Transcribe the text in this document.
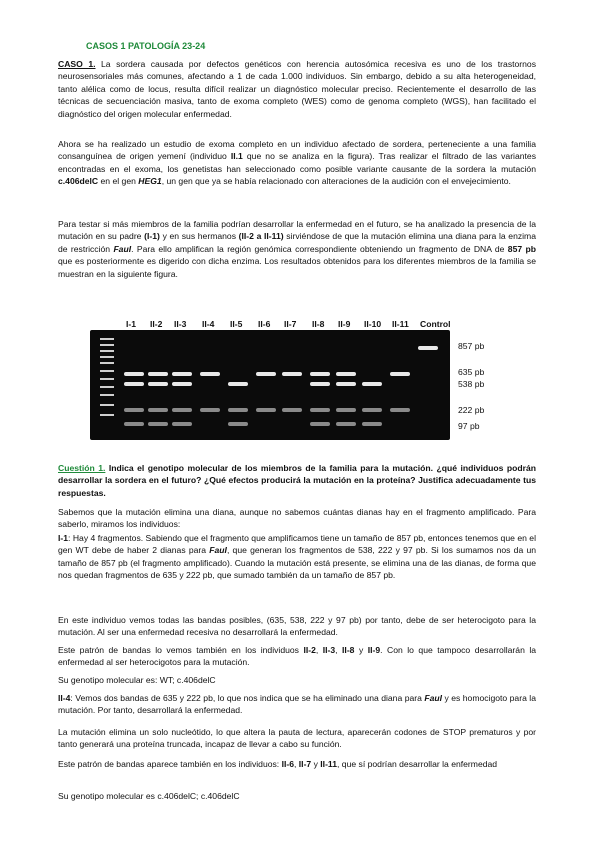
CASOS 1 PATOLOGÍA 23-24
CASO 1. La sordera causada por defectos genéticos con herencia autosómica recesiva es uno de los trastornos neurosensoriales más comunes, afectando a 1 de cada 1.000 individuos. Sin embargo, debido a su alta heterogeneidad, tanto alélica como de locus, resulta difícil realizar un diagnóstico molecular preciso. Recientemente el desarrollo de las técnicas de secuenciación masiva, tanto de exoma completo (WES) como de genoma completo (WGS), han facilitado el diagnóstico del origen molecular enfermedad.
Ahora se ha realizado un estudio de exoma completo en un individuo afectado de sordera, perteneciente a una familia consanguínea de origen yemení (individuo II.1 que no se analiza en la figura). Tras realizar el filtrado de las variantes encontradas en el exoma, los genetistas han seleccionado como posible variante causante de la sordera la mutación c.406delC en el gen HEG1, un gen que ya se había relacionado con alteraciones de la audición con el envejecimiento.
Para testar si más miembros de la familia podrían desarrollar la enfermedad en el futuro, se ha analizado la presencia de la mutación en su padre (I-1) y en sus hermanos (II-2 a II-11) sirviéndose de que la mutación elimina una diana para la enzima de restricción FauI. Para ello amplifican la región genómica correspondiente obteniendo un fragmento de DNA de 857 pb que es posteriormente es digerido con dicha enzima. Los resultados obtenidos para los diferentes miembros de la familia se muestran en la siguiente figura.
I-1 II-2 II-3 II-4 II-5 II-6 II-7 II-8 II-9 II-10 II-11 Control
857 pb
635 pb
538 pb
222 pb
97 pb
Cuestión 1. Indica el genotipo molecular de los miembros de la familia para la mutación. ¿qué individuos podrán desarrollar la sordera en el futuro? ¿Qué efectos producirá la mutación en la proteína? Justifica adecuadamente tus respuestas.
Sabemos que la mutación elimina una diana, aunque no sabemos cuántas dianas hay en el fragmento amplificado. Para saberlo, miramos los individuos:
I-1: Hay 4 fragmentos. Sabiendo que el fragmento que amplificamos tiene un tamaño de 857 pb, entonces tenemos que en el gen WT debe de haber 2 dianas para FauI, que generan los fragmentos de 538, 222 y 97 pb. Si los sumamos nos da un tamaño de 857 pb (el fragmento amplificado). Cuando la mutación está presente, se elimina una de las dianas, de forma que nos quedan fragmentos de 635 y 222 pb, que sumado también da un tamaño de 857 pb.
En este individuo vemos todas las bandas posibles, (635, 538, 222 y 97 pb) por tanto, debe de ser heterocigoto para la mutación. Al ser una enfermedad recesiva no desarrollará la enfermedad.
Este patrón de bandas lo vemos también en los individuos II-2, II-3, II-8 y II-9. Con lo que tampoco desarrollarán la enfermedad al ser heterocigotos para la mutación.
Su genotipo molecular es: WT; c.406delC
II-4: Vemos dos bandas de 635 y 222 pb, lo que nos indica que se ha eliminado una diana para FauI y es homocigoto para la mutación. Por tanto, desarrollará la enfermedad.
La mutación elimina un solo nucleótido, lo que altera la pauta de lectura, aparecerán codones de STOP prematuros y por tanto generará una proteína truncada, incapaz de llevar a cabo su función.
Este patrón de bandas aparece también en los individuos: II-6, II-7 y II-11, que sí podrían desarrollar la enfermedad
Su genotipo molecular es c.406delC; c.406delC
